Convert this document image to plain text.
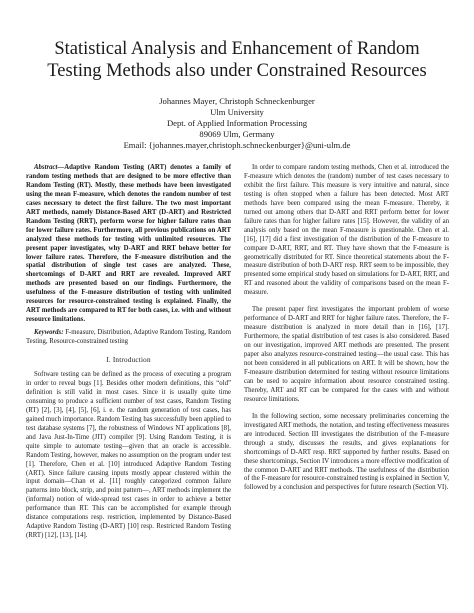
Statistical Analysis and Enhancement of Random
Testing Methods also under Constrained Resources
Johannes Mayer, Christoph Schneckenburger
Ulm University
Dept. of Applied Information Processing
89069 Ulm, Germany
Email: {johannes.mayer,christoph.schneckenburger}@uni-ulm.de

Abstract—Adaptive Random Testing (ART) denotes a family of random testing methods that are designed to be more effective than Random Testing (RT). Mostly, these methods have been investigated using the mean F-measure, which denotes the random number of test cases necessary to detect the first failure. The two most important ART methods, namely Distance-Based ART (D-ART) and Restricted Random Testing (RRT), perform worse for higher failure rates than for lower failure rates. Furthermore, all previous publications on ART analyzed these methods for testing with unlimited resources. The present paper investigates, why D-ART and RRT behave better for lower failure rates. Therefore, the F-measure distribution and the spatial distribution of single test cases are analyzed. These, shortcomings of D-ART and RRT are revealed. Improved ART methods are presented based on our findings. Furthermore, the usefulness of the F-measure distribution of testing with unlimited resources for resource-constrained testing is explained. Finally, the ART methods are compared to RT for both cases, i.e. with and without resource limitations.

Keywords: F-measure, Distribution, Adaptive Random Testing, Random Testing, Resource-constrained testing

I. Introduction

Software testing can be defined as the process of executing a program in order to reveal bugs [1]. Besides other modern definitions, this “old” definition is still valid in most cases. Since it is usually quite time consuming to produce a sufficient number of test cases, Random Testing (RT) [2], [3], [4], [5], [6], i. e. the random generation of test cases, has gained much importance. Random Testing has successfully been applied to test database systems [7], the robustness of Windows NT applications [8], and Java Just-In-Time (JIT) compiler [9]. Using Random Testing, it is quite simple to automate testing—given that an oracle is accessible. Random Testing, however, makes no assumption on the program under test [1]. Therefore, Chen et al. [10] introduced Adaptive Random Testing (ART). Since failure causing inputs mostly appear clustered within the input domain—Chan et al. [11] roughly categorized common failure patterns into block, strip, and point pattern—, ART methods implement the (informal) notion of wide-spread test cases in order to achieve a better performance than RT. This can be accomplished for example through distance computations resp. restriction, implemented by Distance-Based Adaptive Random Testing (D-ART) [10] resp. Restricted Random Testing (RRT) [12], [13], [14].

In order to compare random testing methods, Chen et al. introduced the F-measure which denotes the (random) number of test cases necessary to exhibit the first failure. This measure is very intuitive and natural, since testing is often stopped when a failure has been detected. Most ART methods have been compared using the mean F-measure. Thereby, it turned out among others that D-ART and RRT perform better for lower failure rates than for higher failure rates [15]. However, the validity of an analysis only based on the mean F-measure is questionable. Chen et al. [16], [17] did a first investigation of the distribution of the F-measure to compare D-ART, RRT, and RT. They have shown that the F-measure is geometrically distributed for RT. Since theoretical statements about the F-measure distribution of both D-ART resp. RRT seem to be impossible, they presented some empirical study based on simulations for D-ART, RRT, and RT and reasoned about the validity of comparisons based on the mean F-measure.

The present paper first investigates the important problem of worse performance of D-ART and RRT for higher failure rates. Therefore, the F-measure distribution is analyzed in more detail than in [16], [17]. Furthermore, the spatial distribution of test cases is also considered. Based on our investigation, improved ART methods are presented. The present paper also analyzes resource-constrained testing—the usual case. This has not been considered in all publications on ART. It will be shown, how the F-measure distribution determined for testing without resource limitations can be used to acquire information about resource constrained testing. Thereby, ART and RT can be compared for the cases with and without resource limitations.

In the following section, some necessary preliminaries concerning the investigated ART methods, the notation, and testing effectiveness measures are introduced. Section III investigates the distribution of the F-measure through a study, discusses the results, and gives explanations for shortcomings of D-ART resp. RRT supported by further results. Based on these shortcomings, Section IV introduces a more effective modification of the common D-ART and RRT methods. The usefulness of the distribution of the F-measure for resource-constrained testing is explained in Section V, followed by a conclusion and perspectives for future research (Section VI).
